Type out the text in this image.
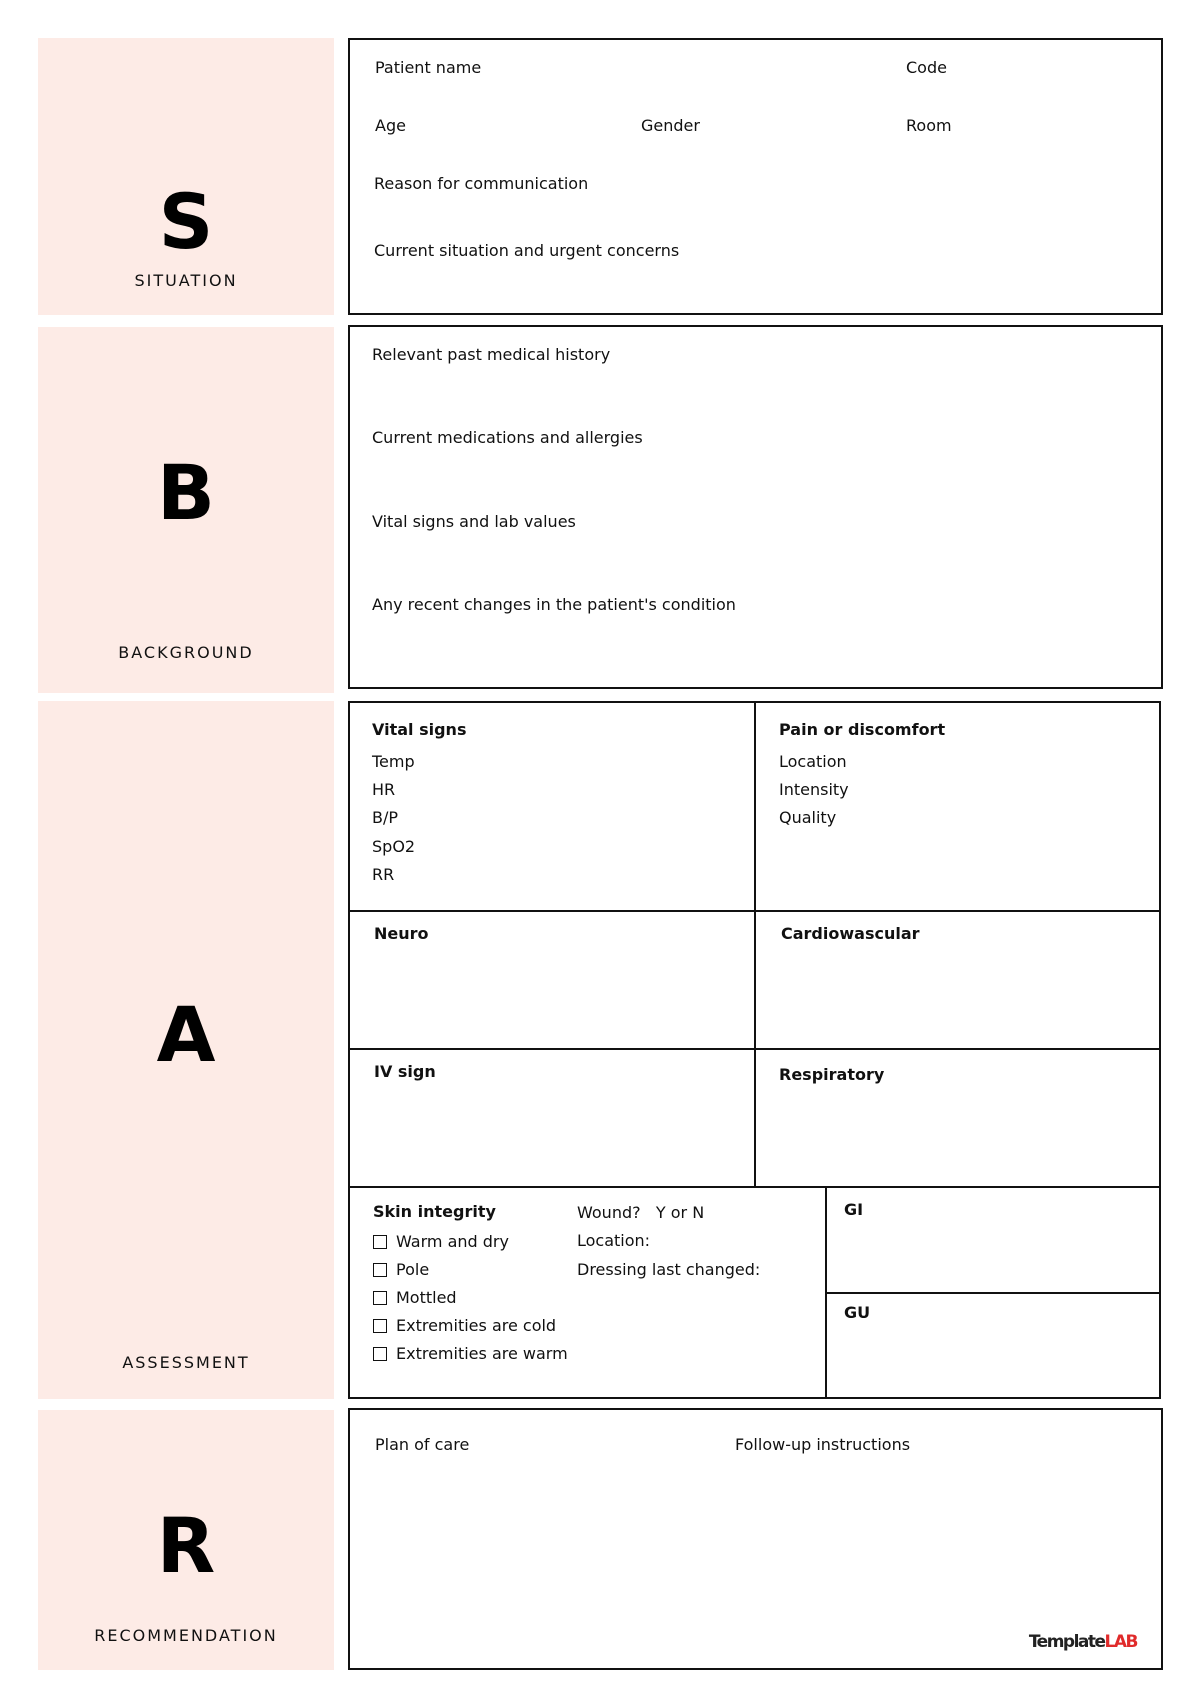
S
SITUATION
B
BACKGROUND
A
ASSESSMENT
R
RECOMMENDATION
Patient name	Code
Age	Gender	Room
Reason for communication
Current situation and urgent concerns
Relevant past medical history
Current medications and allergies
Vital signs and lab values
Any recent changes in the patient's condition
Vital signs
Temp
HR
B/P
SpO2
RR
Pain or discomfort
Location
Intensity
Quality
Neuro	Cardiowascular
IV sign	Respiratory
Skin integrity
Warm and dry
Pole
Mottled
Extremities are cold
Extremities are warm
Wound? Y or N
Location:
Dressing last changed:
GI
GU
Plan of care	Follow-up instructions
TemplateLAB
